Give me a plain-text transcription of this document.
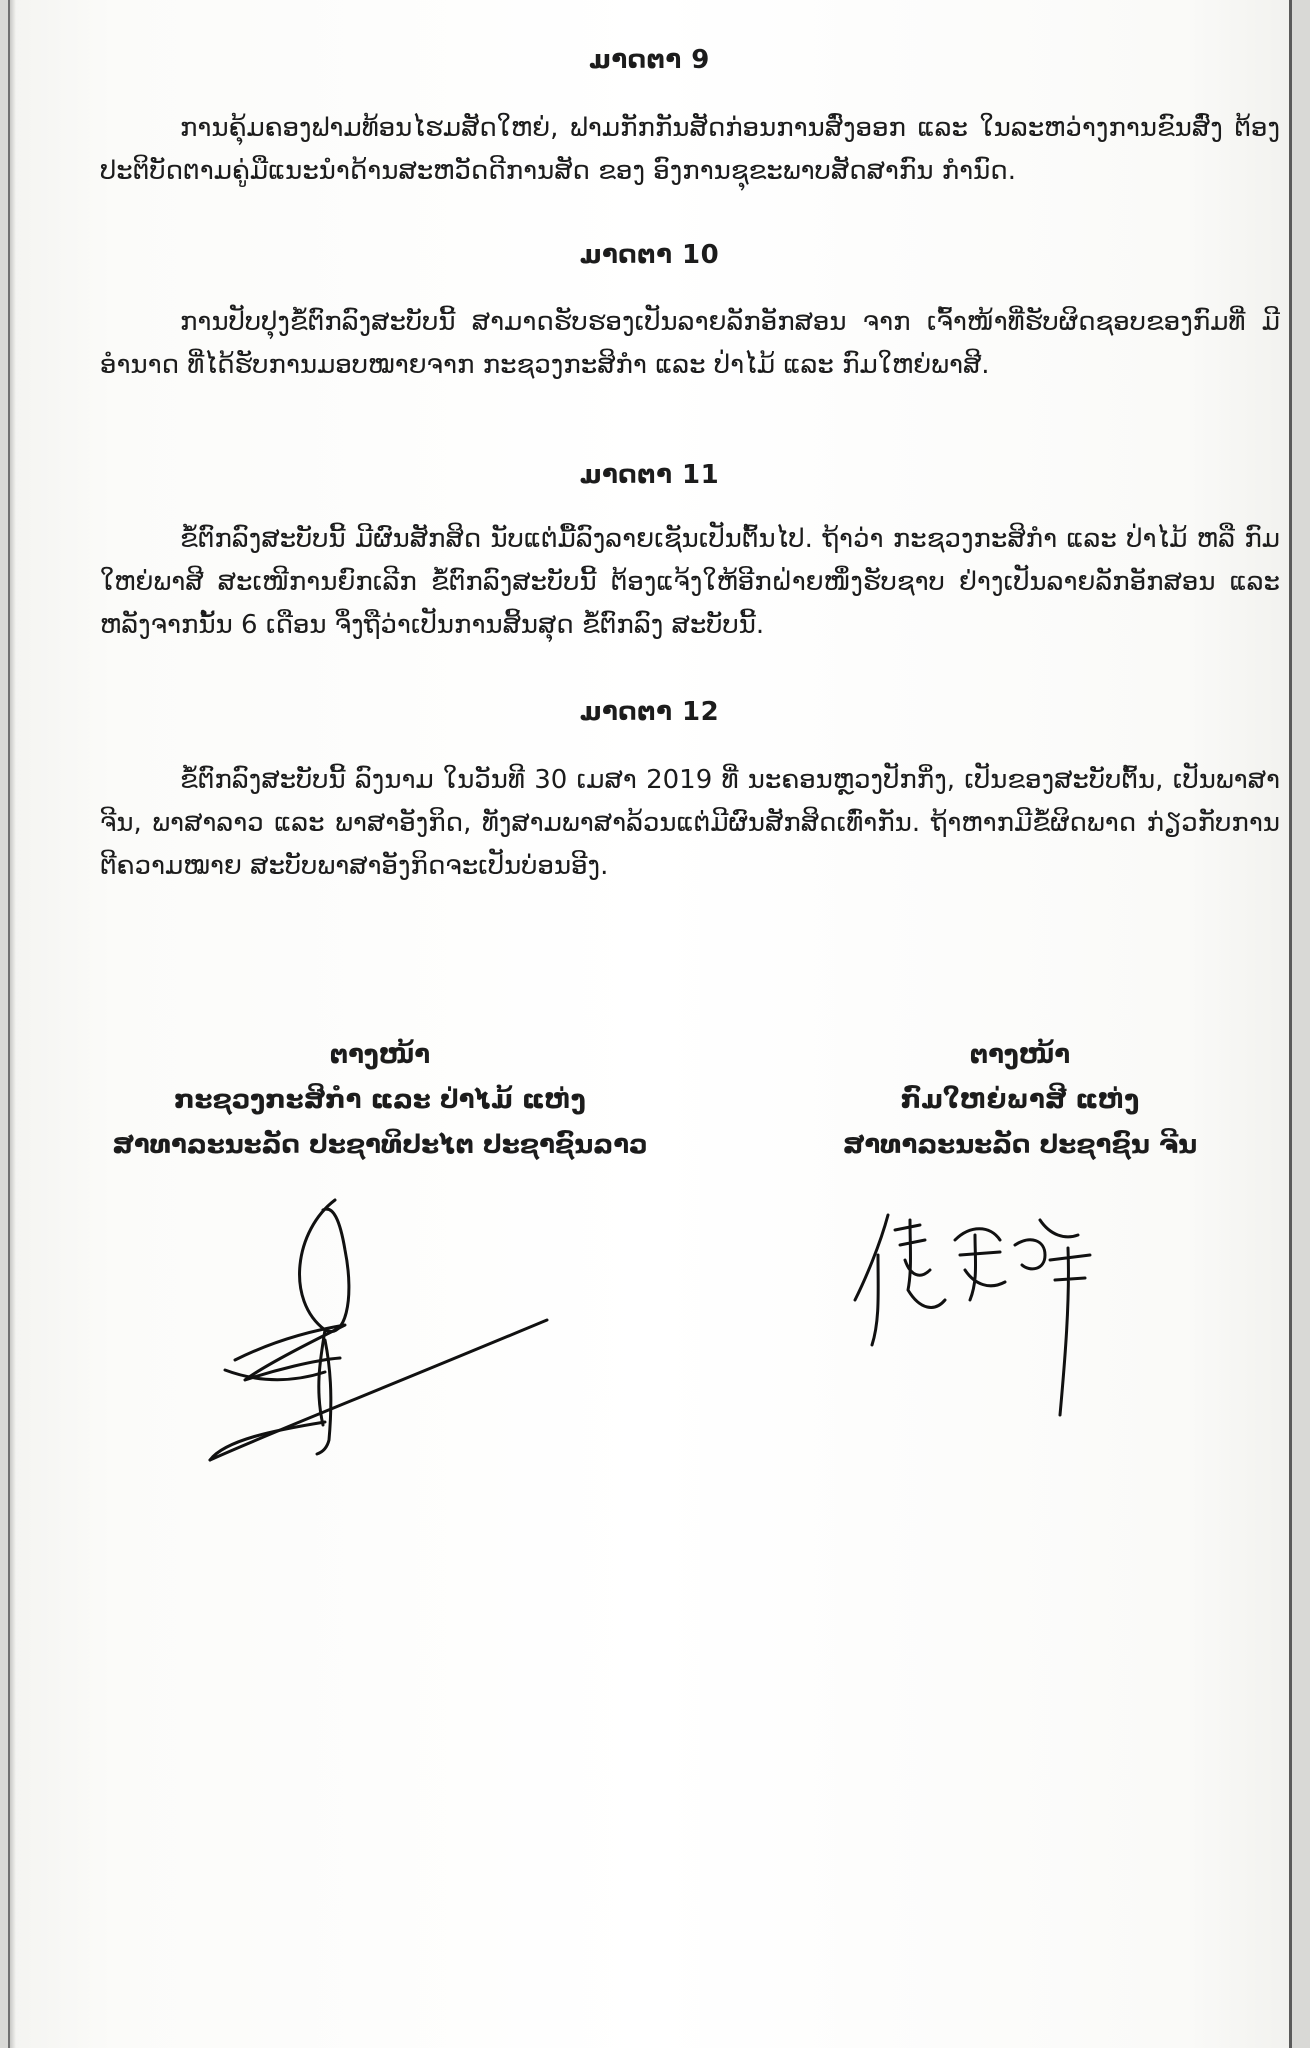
ມາດຕາ 9

ການຄຸ້ມຄອງຟາມທ້ອນໄຮມສັດໃຫຍ່, ຟາມກັກກັນສັດກ່ອນການສົ່ງອອກ ແລະ ໃນລະຫວ່າງການຂົນສົ່ງ ຕ້ອງປະຕິບັດຕາມຄູ່ມືແນະນຳດ້ານສະຫວັດດີການສັດ ຂອງ ອົງການຊຸຂະພາບສັດສາກົນ ກຳນົດ.

ມາດຕາ 10

ການປັບປຸງຂໍ້ຕົກລົງສະບັບນີ້ ສາມາດຮັບຮອງເປັນລາຍລັກອັກສອນ ຈາກ ເຈົ້າໜ້າທີ່ຮັບຜິດຊອບຂອງກົມທີ່ ມີອຳນາດ ທີ່ໄດ້ຮັບການມອບໝາຍຈາກ ກະຊວງກະສິກຳ ແລະ ປ່າໄມ້ ແລະ ກົມໃຫຍ່ພາສີ.

ມາດຕາ 11

ຂໍ້ຕົກລົງສະບັບນີ້ ມີຜົນສັກສິດ ນັບແຕ່ມື້ລົງລາຍເຊັນເປັນຕົ້ນໄປ. ຖ້າວ່າ ກະຊວງກະສິກຳ ແລະ ປ່າໄມ້ ຫລື ກົມໃຫຍ່ພາສີ ສະເໜີການຍົກເລີກ ຂໍ້ຕົກລົງສະບັບນີ້ ຕ້ອງແຈ້ງໃຫ້ອີກຝ່າຍໜຶ່ງຮັບຊາບ ຢ່າງເປັນລາຍລັກອັກສອນ ແລະ ຫລັງຈາກນັ້ນ 6 ເດືອນ ຈຶ່ງຖືວ່າເປັນການສິ້ນສຸດ ຂໍ້ຕົກລົງ ສະບັບນີ້.

ມາດຕາ 12

ຂໍ້ຕົກລົງສະບັບນີ້ ລົງນາມ ໃນວັນທີ 30 ເມສາ 2019 ທີ່ ນະຄອນຫຼວງປັກກິ່ງ, ເປັນຂອງສະບັບຕົ້ນ, ເປັນພາສາຈີນ, ພາສາລາວ ແລະ ພາສາອັງກິດ, ທັງສາມພາສາລ້ວນແຕ່ມີຜົນສັກສິດເທົ່າກັນ. ຖ້າຫາກມີຂໍ້ຜິດພາດ ກ່ຽວກັບການຕີຄວາມໝາຍ ສະບັບພາສາອັງກິດຈະເປັນບ່ອນອີງ.

ຕາງໜ້າ
ກະຊວງກະສິກຳ ແລະ ປ່າໄມ້ ແຫ່ງ
ສາທາລະນະລັດ ປະຊາທິປະໄຕ ປະຊາຊົນລາວ
ຕາງໜ້າ
ກົມໃຫຍ່ພາສີ ແຫ່ງ
ສາທາລະນະລັດ ປະຊາຊົນ ຈີນ
